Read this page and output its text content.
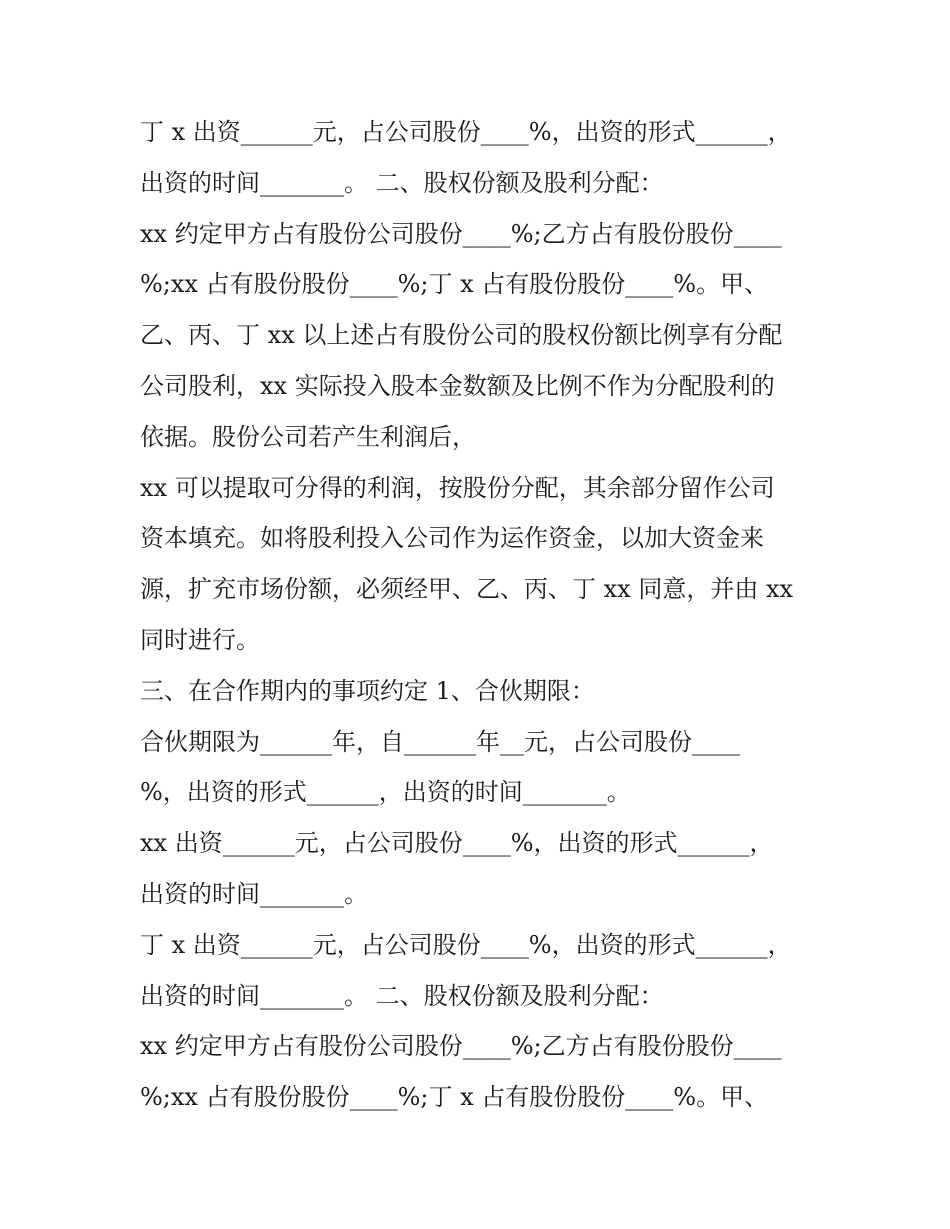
丁 x 出资______元，占公司股份____%，出资的形式______，
出资的时间_______。 二、股权份额及股利分配：
xx 约定甲方占有股份公司股份____%;乙方占有股份股份____
%;xx 占有股份股份____%;丁 x 占有股份股份____%。甲、
乙、丙、丁 xx 以上述占有股份公司的股权份额比例享有分配
公司股利，xx 实际投入股本金数额及比例不作为分配股利的
依据。股份公司若产生利润后，
xx 可以提取可分得的利润，按股份分配，其余部分留作公司
资本填充。如将股利投入公司作为运作资金，以加大资金来
源，扩充市场份额，必须经甲、乙、丙、丁 xx 同意，并由 xx
同时进行。
三、在合作期内的事项约定 1、合伙期限：
合伙期限为______年，自______年__元，占公司股份____
%，出资的形式______，出资的时间_______。
xx 出资______元，占公司股份____%，出资的形式______，
出资的时间_______。
丁 x 出资______元，占公司股份____%，出资的形式______，
出资的时间_______。 二、股权份额及股利分配：
xx 约定甲方占有股份公司股份____%;乙方占有股份股份____
%;xx 占有股份股份____%;丁 x 占有股份股份____%。甲、
